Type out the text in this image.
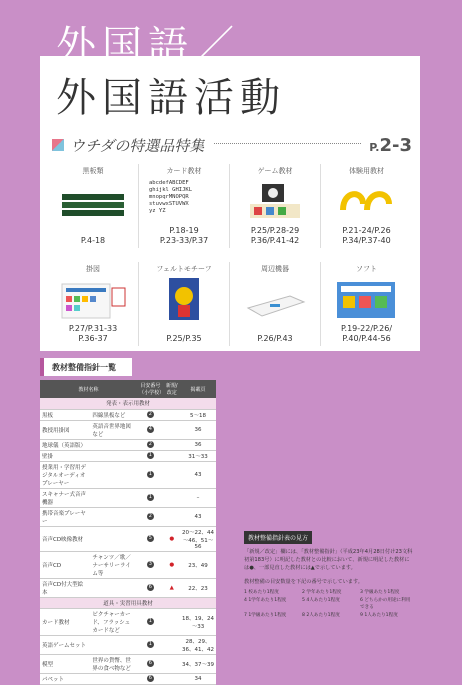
外国語／
外国語活動
ウチダの特選品特集	P.2-3
黒板類
P.4-18
カード教材
abcdefABCDEF
ghijkl GHIJKL
mnopqrMNOPQR
stuvwxSTUVWX
yz YZ
P.18-19
P.23-33/P.37
ゲーム教材
P.25/P.28-29
P.36/P.41-42
体験用教材
P.21-24/P.26
P.34/P.37-40
掛図
P.27/P.31-33
P.36-37
フェルトモチーフ
P.25/P.35
周辺機器
P.26/P.43
ソフト
P.19-22/P.26/
P.40/P.44-56
教材整備指針一覧
教材名称		目安番号 （小学校）	新規/ 改定	掲載頁
発表・表示用教材				
黒板	四線黒板など	2		5～18
教授用掛図	英語音世界地図など	4		36
地球儀（英語版）		2		36
壁掛		1		31～33
授業用・学習用デジタルオーディオプレーヤー		1		43
スキャナー式音声機器		1		–
携帯音楽プレーヤー		2		43
音声CD映像教材		5	●	20～22、44～46、51～56
音声CD	チャンツ／歌／ナーサリーライム等	3	●	23、49
音声CD付大型絵本		6	▲	22、23
道具・実習用具教材				
カード教材	ピクチャーカード、フラッシュカードなど	1		18、19、24～33
英語ゲームセット		1		28、29、36、41、42
模型	世界の貨幣、世界の食べ物など	6		34、37～39
パペット		6		34
教材整備指針表の見方
「新規／改定」欄には、「教材整備指針」（平成23年4月28日付け23文科初第183号）に明記した教材との比較において、新規に明記した教材には●、一部見直した教材には▲で示しています。
教材整備の目安数量を下記の番号で示しています。
1 校あたり1程度	2 学年あたり1程度	3 学級あたり1程度
4 1学年あたり1程度	5 4人あたり1程度	6 どちらかの用途に利用できる
7 1学級あたり1程度	8 2人あたり1程度	9 1人あたり1程度
